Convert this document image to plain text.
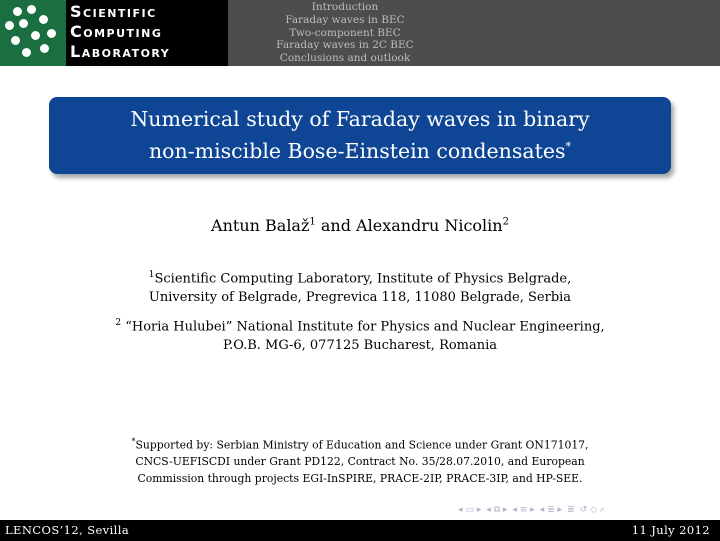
Scientific
Computing
Laboratory
Introduction
Faraday waves in BEC
Two-component BEC
Faraday waves in 2C BEC
Conclusions and outlook
Numerical study of Faraday waves in binary
non-miscible Bose-Einstein condensates*
Antun Balaž$^1$ and Alexandru Nicolin$^2$
$^1$Scientific Computing Laboratory, Institute of Physics Belgrade,
University of Belgrade, Pregrevica 118, 11080 Belgrade, Serbia
$^2$ “Horia Hulubei” National Institute for Physics and Nuclear Engineering,
P.O.B. MG-6, 077125 Bucharest, Romania
*Supported by: Serbian Ministry of Education and Science under Grant ON171017,
CNCS-UEFISCDI under Grant PD122, Contract No. 35/28.07.2010, and European
Commission through projects EGI-InSPIRE, PRACE-2IP, PRACE-3IP, and HP-SEE.
◂ ▭ ▸ ◂ ⧉ ▸ ◂ ≡ ▸ ◂ ≣ ▸ ≣ ↺ ◇ ⌕
LENCOS’12, Sevilla	11 July 2012
